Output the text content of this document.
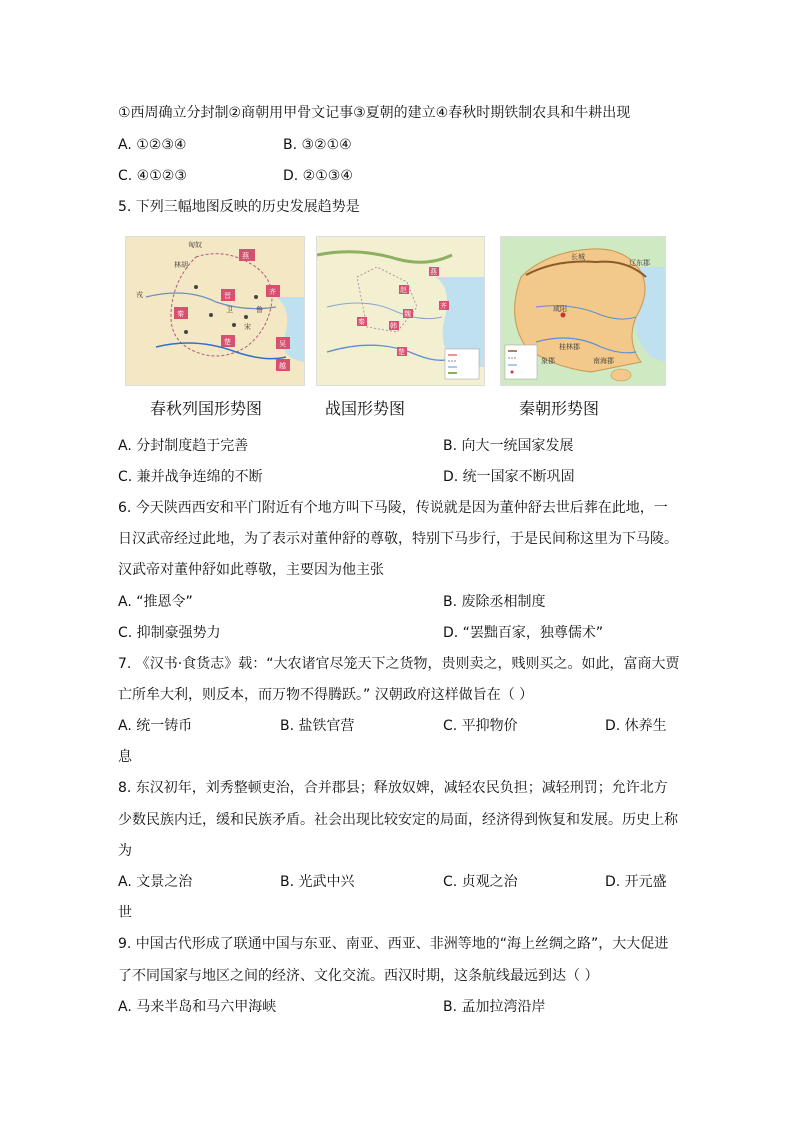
①西周确立分封制②商朝用甲骨文记事③夏朝的建立④春秋时期铁制农具和牛耕出现
A. ①②③④	B. ③②①④
C. ④①②③	D. ②①③④
5. 下列三幅地图反映的历史发展趋势是
匈奴
林胡
燕
晋	齐
鲁
秦
楚	吴
越
戎
宋
卫
燕
赵
齐
魏
韩
秦
楚
辽东郡
咸阳
长城
南海郡
象郡
桂林郡
春秋列国形势图	战国形势图	秦朝形势图
A. 分封制度趋于完善	B. 向大一统国家发展
C. 兼并战争连绵的不断	D. 统一国家不断巩固
6. 今天陕西西安和平门附近有个地方叫下马陵，传说就是因为董仲舒去世后葬在此地，一
日汉武帝经过此地，为了表示对董仲舒的尊敬，特别下马步行，于是民间称这里为下马陵。
汉武帝对董仲舒如此尊敬，主要因为他主张
A. “推恩令”	B. 废除丞相制度
C. 抑制豪强势力	D. “罢黜百家，独尊儒术”
7. 《汉书·食货志》载：“大农诸官尽笼天下之货物，贵则卖之，贱则买之。如此，富商大贾
亡所牟大利，则反本，而万物不得腾跃。” 汉朝政府这样做旨在（ ）
A. 统一铸币	B. 盐铁官营	C. 平抑物价	D. 休养生
息
8. 东汉初年，刘秀整顿吏治，合并郡县；释放奴婢，减轻农民负担；减轻刑罚；允许北方
少数民族内迁，缓和民族矛盾。社会出现比较安定的局面，经济得到恢复和发展。历史上称
为
A. 文景之治	B. 光武中兴	C. 贞观之治	D. 开元盛
世
9. 中国古代形成了联通中国与东亚、南亚、西亚、非洲等地的“海上丝绸之路”，大大促进
了不同国家与地区之间的经济、文化交流。西汉时期，这条航线最远到达（ ）
A. 马来半岛和马六甲海峡	B. 孟加拉湾沿岸
